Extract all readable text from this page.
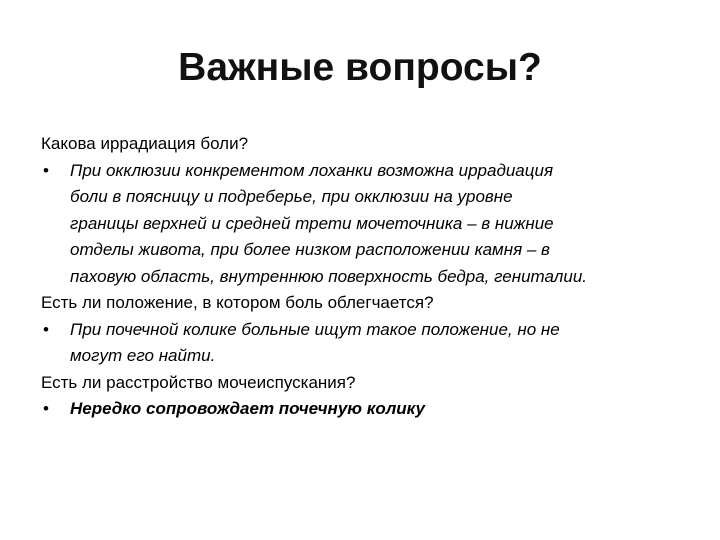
Важные вопросы?

Какова иррадиация боли?

• При окклюзии конкрементом лоханки возможна иррадиация
боли в поясницу и подреберье, при окклюзии на уровне
границы верхней и средней трети мочеточника – в нижние
отделы живота, при более низком расположении камня – в
паховую область, внутреннюю поверхность бедра, гениталии.

Есть ли положение, в котором боль облегчается?

• При почечной колике больные ищут такое положение, но не
могут его найти.

Есть ли расстройство мочеиспускания?

• Нередко сопровождает почечную колику
